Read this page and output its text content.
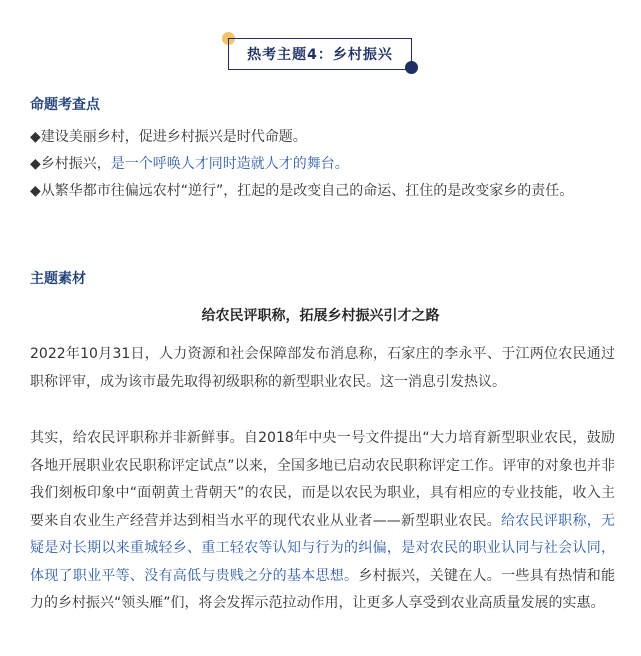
热考主题4：乡村振兴
命题考查点
◆建设美丽乡村，促进乡村振兴是时代命题。
◆乡村振兴，是一个呼唤人才同时造就人才的舞台。
◆从繁华都市往偏远农村“逆行”，扛起的是改变自己的命运、扛住的是改变家乡的责任。
主题素材
给农民评职称，拓展乡村振兴引才之路
2022年10月31日，人力资源和社会保障部发布消息称，石家庄的李永平、于江两位农民通过职称评审，成为该市最先取得初级职称的新型职业农民。这一消息引发热议。
其实，给农民评职称并非新鲜事。自2018年中央一号文件提出“大力培育新型职业农民，鼓励各地开展职业农民职称评定试点”以来，全国多地已启动农民职称评定工作。评审的对象也并非我们刻板印象中“面朝黄土背朝天”的农民，而是以农民为职业，具有相应的专业技能，收入主要来自农业生产经营并达到相当水平的现代农业从业者——新型职业农民。给农民评职称，无疑是对长期以来重城轻乡、重工轻农等认知与行为的纠偏，是对农民的职业认同与社会认同，体现了职业平等、没有高低与贵贱之分的基本思想。乡村振兴，关键在人。一些具有热情和能力的乡村振兴“领头雁”们，将会发挥示范拉动作用，让更多人享受到农业高质量发展的实惠。
